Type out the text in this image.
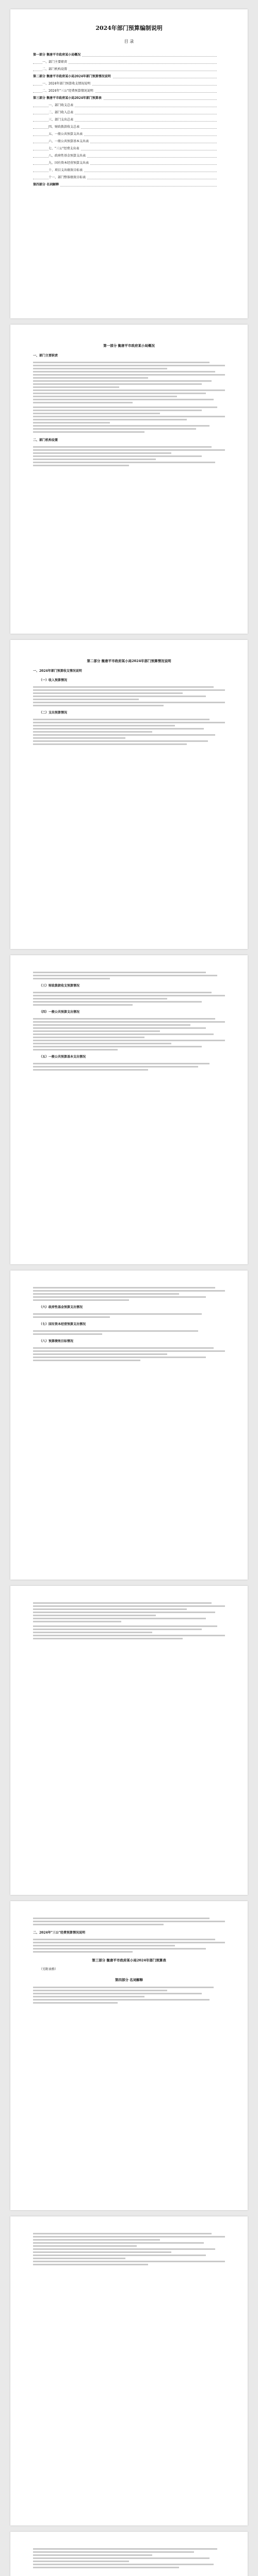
2024年部门预算编制说明
目 录
第一部分 衡唐平市政府某小局概况
一、部门主要职责
二、部门机构设置
第二部分 衡唐平市政府某小局2024年部门预算情况说明
一、2024年部门预算收支情况说明
二、2024年"三公"经费预算情况说明
第三部分 衡唐平市政府某小局2024年部门预算表
一、部门收支总表
二、部门收入总表
三、部门支出总表
四、财政拨款收支总表
五、一般公共预算支出表
六、一般公共预算基本支出表
七、"三公"经费支出表
八、政府性基金预算支出表
九、国有资本经营预算支出表
十、项目支出绩效目标表
十一、部门整体绩效目标表
第四部分 名词解释
第一部分 衡唐平市政府某小局概况
一、部门主要职责
二、部门机构设置
第二部分 衡唐平市政府某小局2024年部门预算情况说明
一、2024年部门预算收支情况说明
（一）收入预算情况
（二）支出预算情况
（三）财政拨款收支预算情况
（四）一般公共预算支出情况
（五）一般公共预算基本支出情况
（六）政府性基金预算支出情况
（七）国有资本经营预算支出情况
（八）预算绩效目标情况
二、2024年"三公"经费预算情况说明
第三部分 衡唐平市政府某小局2024年部门预算表
（另附表格）
第四部分 名词解释
